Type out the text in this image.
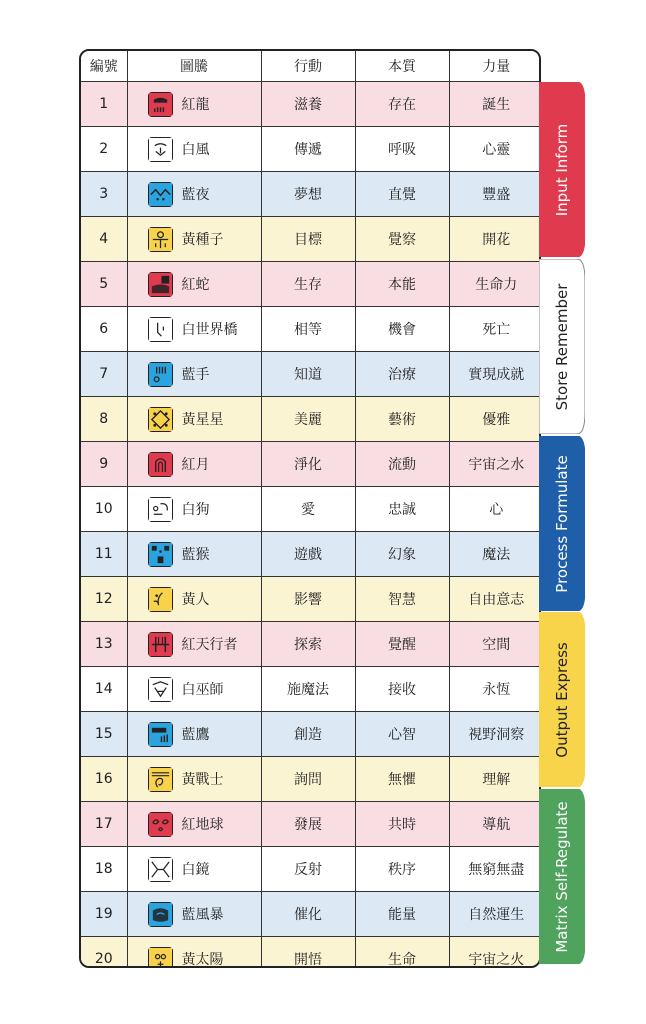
編號	圖騰	行動	本質	力量
1	紅龍	滋養	存在	誕生
2	白風	傳遞	呼吸	心靈
3	藍夜	夢想	直覺	豐盛
4	黃種子	目標	覺察	開花
5	紅蛇	生存	本能	生命力
6	白世界橋	相等	機會	死亡
7	藍手	知道	治療	實現成就
8	黃星星	美麗	藝術	優雅
9	紅月	淨化	流動	宇宙之水
10	白狗	愛	忠誠	心
11	藍猴	遊戲	幻象	魔法
12	黃人	影響	智慧	自由意志
13	紅天行者	探索	覺醒	空間
14	白巫師	施魔法	接收	永恆
15	藍鷹	創造	心智	視野洞察
16	黃戰士	詢問	無懼	理解
17	紅地球	發展	共時	導航
18	白鏡	反射	秩序	無窮無盡
19	藍風暴	催化	能量	自然運生
20	黃太陽	開悟	生命	宇宙之火
Input Inform
Store Remember
Process Formulate
Output Express
Matrix Self-Regulate
